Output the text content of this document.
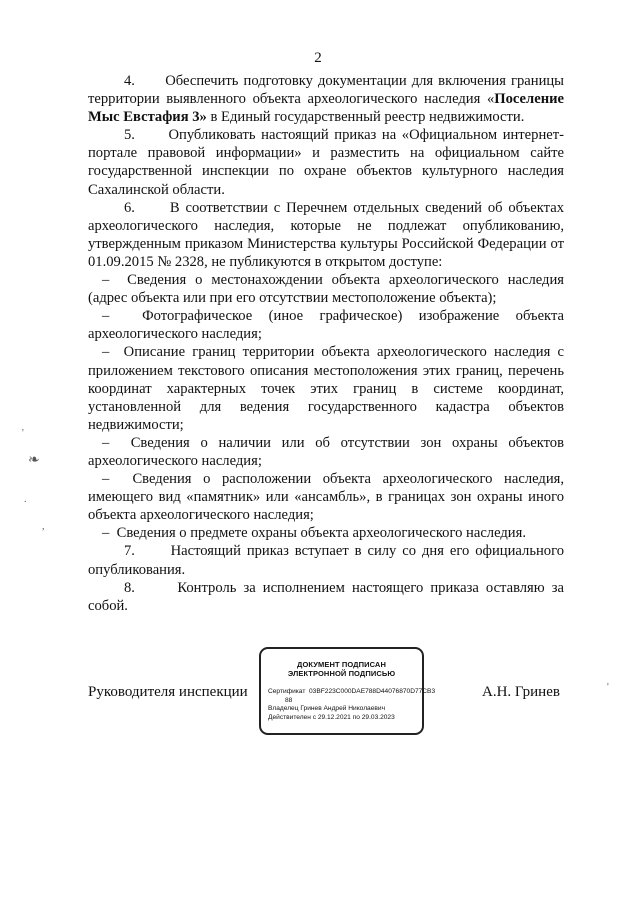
2

4.      Обеспечить подготовку документации для включения границы территории выявленного объекта археологического наследия «Поселение Мыс Евстафия 3» в Единый государственный реестр недвижимости.

5.      Опубликовать настоящий приказ на «Официальном интернет-портале правовой информации» и разместить на официальном сайте государственной инспекции по охране объектов культурного наследия Сахалинской области.

6.      В соответствии с Перечнем отдельных сведений об объектах археологического наследия, которые не подлежат опубликованию, утвержденным приказом Министерства культуры Российской Федерации от 01.09.2015 № 2328, не публикуются в открытом доступе:

–  Сведения о местонахождении объекта археологического наследия (адрес объекта или при его отсутствии местоположение объекта);

–  Фотографическое (иное графическое) изображение объекта археологического наследия;

–  Описание границ территории объекта археологического наследия с приложением текстового описания местоположения этих границ, перечень координат характерных точек этих границ в системе координат, установленной для ведения государственного кадастра объектов недвижимости;

–  Сведения о наличии или об отсутствии зон охраны объектов археологического наследия;

–  Сведения о расположении объекта археологического наследия, имеющего вид «памятник» или «ансамбль», в границах зон охраны иного объекта археологического наследия;

–  Сведения о предмете охраны объекта археологического наследия.

7.      Настоящий приказ вступает в силу со дня его официального опубликования.

8.      Контроль за исполнением настоящего приказа оставляю за собой.

Руководителя инспекции
ДОКУМЕНТ ПОДПИСАН
ЭЛЕКТРОННОЙ ПОДПИСЬЮ
Сертификат 03BF223C000DAE788D44076870D77CB3
88
Владелец Гринев Андрей Николаевич
Действителен с 29.12.2021 по 29.03.2023
А.Н. Гринев
❧
'
.
,
'
